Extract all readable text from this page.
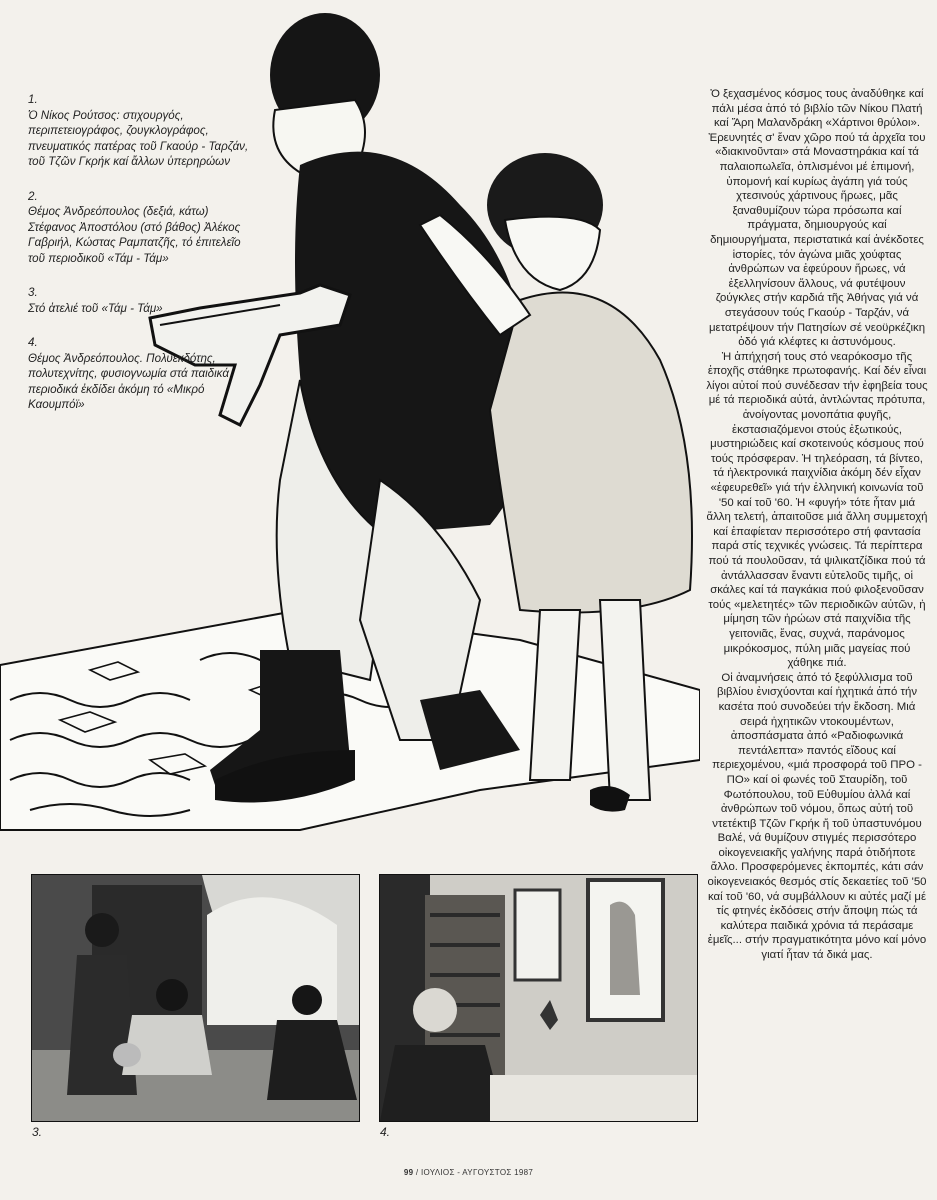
1.
Ὁ Νίκος Ρούτσος: στιχουργός, περιπετειογράφος, ζουγκλογράφος, πνευματικός πατέρας τοῦ Γκαούρ - Ταρζάν, τοῦ Τζῶν Γκρήκ καί ἄλλων ὑπερηρώων
2.
Θέμος Ἀνδρεόπουλος (δεξιά, κάτω) Στέφανος Ἀποστόλου (στό βάθος) Ἀλέκος Γαβριήλ, Κώστας Ραμπατζῆς, τό ἐπιτελεῖο τοῦ περιοδικοῦ «Τάμ - Τάμ»
3.
Στό ἀτελιέ τοῦ «Τάμ - Τάμ»
4.
Θέμος Ἀνδρεόπουλος. Πολυεκδότης, πολυτεχνίτης, φυσιογνωμία στά παιδικά περιοδικά ἐκδίδει ἀκόμη τό «Μικρό Καουμπόϊ»

Ὁ ξεχασμένος κόσμος τους ἀναδύθηκε καί πάλι μέσα ἀπό τό βιβλίο τῶν Νίκου Πλατή καί Ἄρη Μαλανδράκη «Χάρτινοι θρύλοι». Ἐρευνητές σ' ἕναν χῶρο πού τά ἀρχεῖα του «διακινοῦνται» στά Μοναστηράκια καί τά παλαιοπωλεῖα, ὁπλισμένοι μέ ἐπιμονή, ὑπομονή καί κυρίως ἀγάπη γιά τούς χτεσινούς χάρτινους ἥρωες, μᾶς ξαναθυμίζουν τώρα πρόσωπα καί πράγματα, δημιουργούς καί δημιουργήματα, περιστατικά καί ἀνέκδοτες ἱστορίες, τόν ἀγώνα μιᾶς χούφτας ἀνθρώπων να ἐφεύρουν ἥρωες, νά ἐξελληνίσουν ἄλλους, νά φυτέψουν ζούγκλες στήν καρδιά τῆς Ἀθήνας γιά νά στεγάσουν τούς Γκαούρ - Ταρζάν, νά μετατρέψουν τήν Πατησίων σέ νεοϋρκέζικη ὁδό γιά κλέφτες κι ἀστυνόμους.

Ἡ ἀπήχησή τους στό νεαρόκοσμο τῆς ἐποχῆς στάθηκε πρωτοφανής. Καί δέν εἶναι λίγοι αὐτοί πού συνέδεσαν τήν ἐφηβεία τους μέ τά περιοδικά αὐτά, ἀντλώντας πρότυπα, ἀνοίγοντας μονοπάτια φυγῆς, ἐκστασιαζόμενοι στούς ἐξωτικούς, μυστηριώδεις καί σκοτεινούς κόσμους πού τούς πρόσφεραν. Ἡ τηλεόραση, τά βίντεο, τά ἠλεκτρονικά παιχνίδια ἀκόμη δέν εἶχαν «ἐφευρεθεῖ» γιά τήν ἑλληνική κοινωνία τοῦ '50 καί τοῦ '60. Ἡ «φυγή» τότε ἦταν μιά ἄλλη τελετή, ἀπαιτοῦσε μιά ἄλλη συμμετοχή καί ἐπαφίεταν περισσότερο στή φαντασία παρά στίς τεχνικές γνώσεις. Τά περίπτερα πού τά πουλοῦσαν, τά ψιλικατζίδικα πού τά ἀντάλλασσαν ἔναντι εὐτελοῦς τιμῆς, οἱ σκάλες καί τά παγκάκια πού φιλοξενοῦσαν τούς «μελετητές» τῶν περιοδικῶν αὐτῶν, ἡ μίμηση τῶν ἡρώων στά παιχνίδια τῆς γειτονιᾶς, ἕνας, συχνά, παράνομος μικρόκοσμος, πύλη μιᾶς μαγείας πού χάθηκε πιά.

Οἱ ἀναμνήσεις ἀπό τό ξεφύλλισμα τοῦ βιβλίου ἐνισχύονται καί ἠχητικά ἀπό τήν κασέτα πού συνοδεύει τήν ἔκδοση. Μιά σειρά ἠχητικῶν ντοκουμέντων, ἀποσπάσματα ἀπό «Ραδιοφωνικά πεντάλεπτα» παντός εἴδους καί περιεχομένου, «μιά προσφορά τοῦ ΠΡΟ - ΠΟ» καί οἱ φωνές τοῦ Σταυρίδη, τοῦ Φωτόπουλου, τοῦ Εὐθυμίου ἀλλά καί ἀνθρώπων τοῦ νόμου, ὅπως αὐτή τοῦ ντετέκτιβ Τζῶν Γκρήκ ἤ τοῦ ὑπαστυνόμου Βαλέ, νά θυμίζουν στιγμές περισσότερο οἰκογενειακῆς γαλήνης παρά ὁτιδήποτε ἄλλο. Προσφερόμενες ἐκπομπές, κάτι σάν οἰκογενειακός θεσμός στίς δεκαετίες τοῦ '50 καί τοῦ '60, νά συμβάλλουν κι αὐτές μαζί μέ τίς φτηνές ἐκδόσεις στήν ἄποψη πώς τά καλύτερα παιδικά χρόνια τά περάσαμε ἐμεῖς... στήν πραγματικότητα μόνο καί μόνο γιατί ἦταν τά δικά μας.

3.	4.
99 / ΙΟΥΛΙΟΣ - ΑΥΓΟΥΣΤΟΣ 1987
